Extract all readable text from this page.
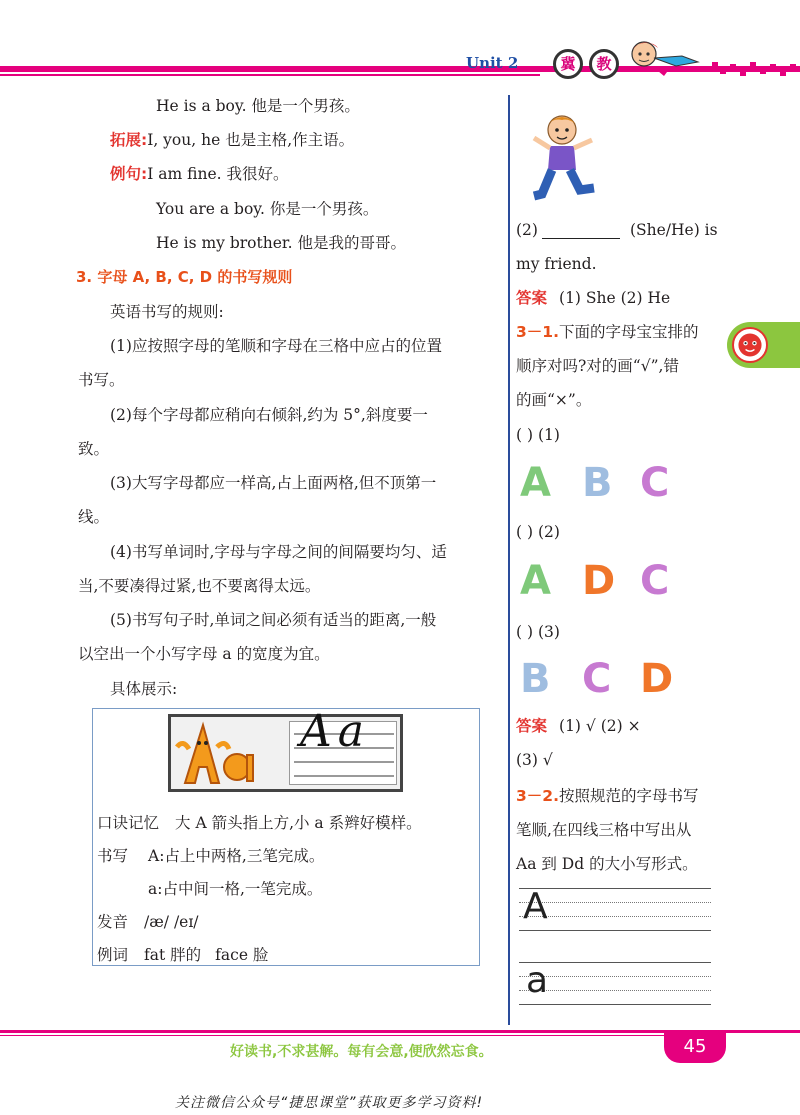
Unit 2	冀	教
He is a boy. 他是一个男孩。
拓展:I, you, he 也是主格,作主语。
例句:I am fine. 我很好。
You are a boy. 你是一个男孩。
He is my brother. 他是我的哥哥。
3. 字母 A, B, C, D 的书写规则
英语书写的规则:
(1)应按照字母的笔顺和字母在三格中应占的位置
书写。
(2)每个字母都应稍向右倾斜,约为 5°,斜度要一
致。
(3)大写字母都应一样高,占上面两格,但不顶第一
线。
(4)书写单词时,字母与字母之间的间隔要均匀、适
当,不要凑得过紧,也不要离得太远。
(5)书写句子时,单词之间必须有适当的距离,一般
以空出一个小写字母 a 的宽度为宜。
具体展示:
Aa
口诀记忆 大 A 箭头指上方,小 a 系辫好模样。
书写 A:占上中两格,三笔完成。
a:占中间一格,一笔完成。
发音 /æ/ /eɪ/
例词 fat 胖的 face 脸
(2)	(She/He) is
my friend.
答案 (1) She (2) He
3－1.下面的字母宝宝排的
顺序对吗?对的画“√”,错
的画“×”。
( ) (1)
A B C
( ) (2)
A D C
( ) (3)
B C D
答案 (1) √ (2) ×
(3) √
3－2.按照规范的字母书写
笔顺,在四线三格中写出从
Aa 到 Dd 的大小写形式。
A
a
好读书,不求甚解。每有会意,便欣然忘食。	45
关注微信公众号“捷思课堂”获取更多学习资料!
